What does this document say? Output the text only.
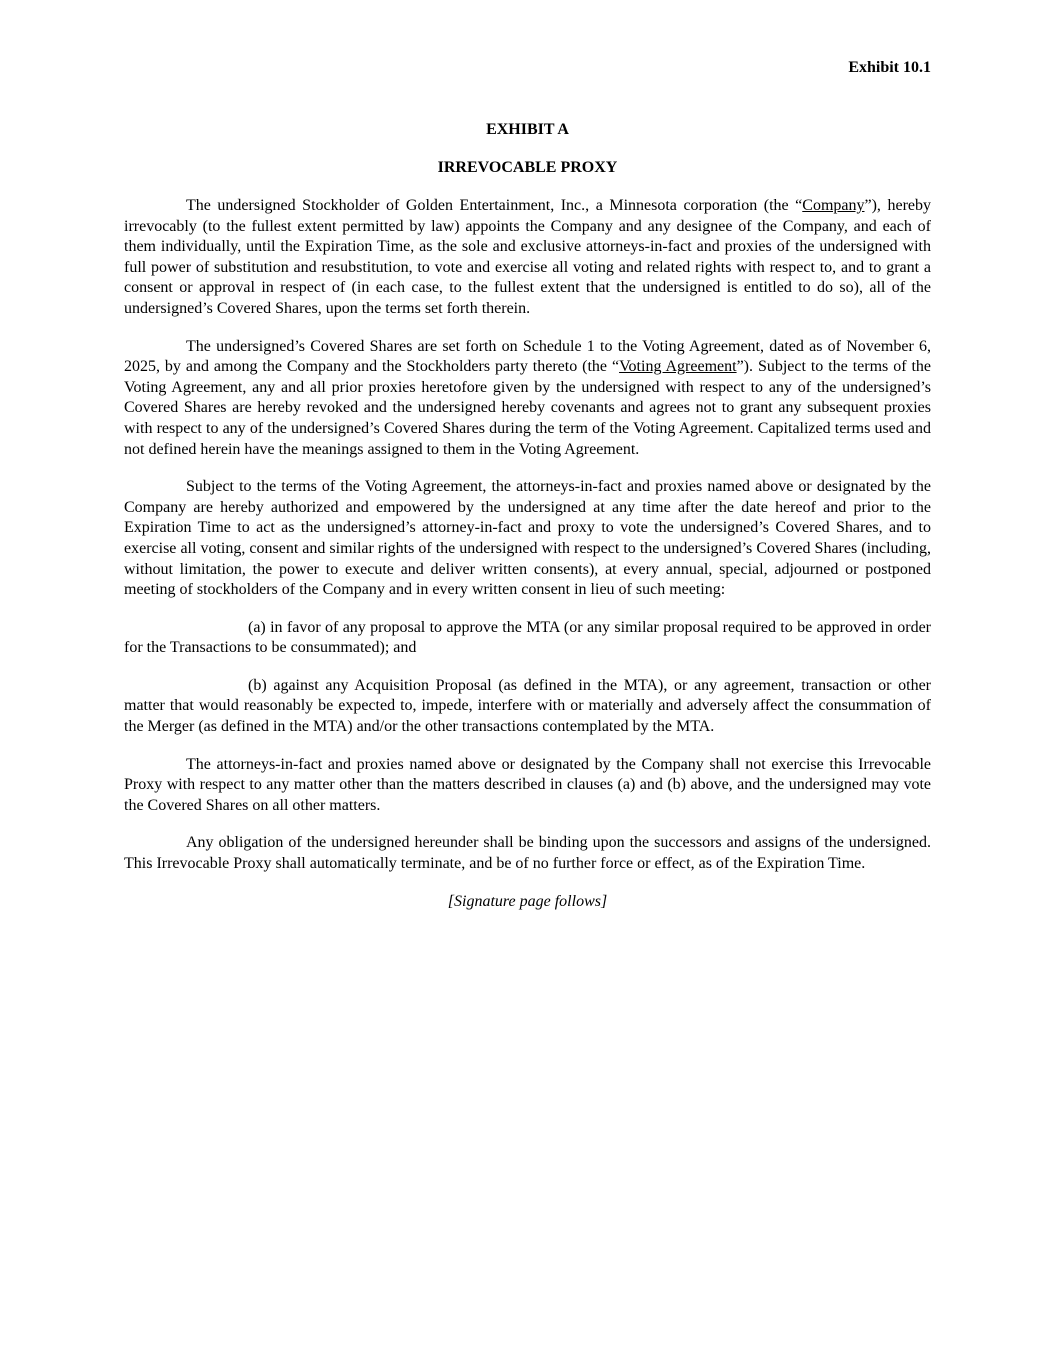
Exhibit 10.1
EXHIBIT A
IRREVOCABLE PROXY

The undersigned Stockholder of Golden Entertainment, Inc., a Minnesota corporation (the “Company”), hereby irrevocably (to the fullest extent permitted by law) appoints the Company and any designee of the Company, and each of them individually, until the Expiration Time, as the sole and exclusive attorneys-in-fact and proxies of the undersigned with full power of substitution and resubstitution, to vote and exercise all voting and related rights with respect to, and to grant a consent or approval in respect of (in each case, to the fullest extent that the undersigned is entitled to do so), all of the undersigned’s Covered Shares, upon the terms set forth therein.

The undersigned’s Covered Shares are set forth on Schedule 1 to the Voting Agreement, dated as of November 6, 2025, by and among the Company and the Stockholders party thereto (the “Voting Agreement”). Subject to the terms of the Voting Agreement, any and all prior proxies heretofore given by the undersigned with respect to any of the undersigned’s Covered Shares are hereby revoked and the undersigned hereby covenants and agrees not to grant any subsequent proxies with respect to any of the undersigned’s Covered Shares during the term of the Voting Agreement. Capitalized terms used and not defined herein have the meanings assigned to them in the Voting Agreement.

Subject to the terms of the Voting Agreement, the attorneys-in-fact and proxies named above or designated by the Company are hereby authorized and empowered by the undersigned at any time after the date hereof and prior to the Expiration Time to act as the undersigned’s attorney-in-fact and proxy to vote the undersigned’s Covered Shares, and to exercise all voting, consent and similar rights of the undersigned with respect to the undersigned’s Covered Shares (including, without limitation, the power to execute and deliver written consents), at every annual, special, adjourned or postponed meeting of stockholders of the Company and in every written consent in lieu of such meeting:

(a) in favor of any proposal to approve the MTA (or any similar proposal required to be approved in order for the Transactions to be consummated); and

(b) against any Acquisition Proposal (as defined in the MTA), or any agreement, transaction or other matter that would reasonably be expected to, impede, interfere with or materially and adversely affect the consummation of the Merger (as defined in the MTA) and/or the other transactions contemplated by the MTA.

The attorneys-in-fact and proxies named above or designated by the Company shall not exercise this Irrevocable Proxy with respect to any matter other than the matters described in clauses (a) and (b) above, and the undersigned may vote the Covered Shares on all other matters.

Any obligation of the undersigned hereunder shall be binding upon the successors and assigns of the undersigned. This Irrevocable Proxy shall automatically terminate, and be of no further force or effect, as of the Expiration Time.

[Signature page follows]
